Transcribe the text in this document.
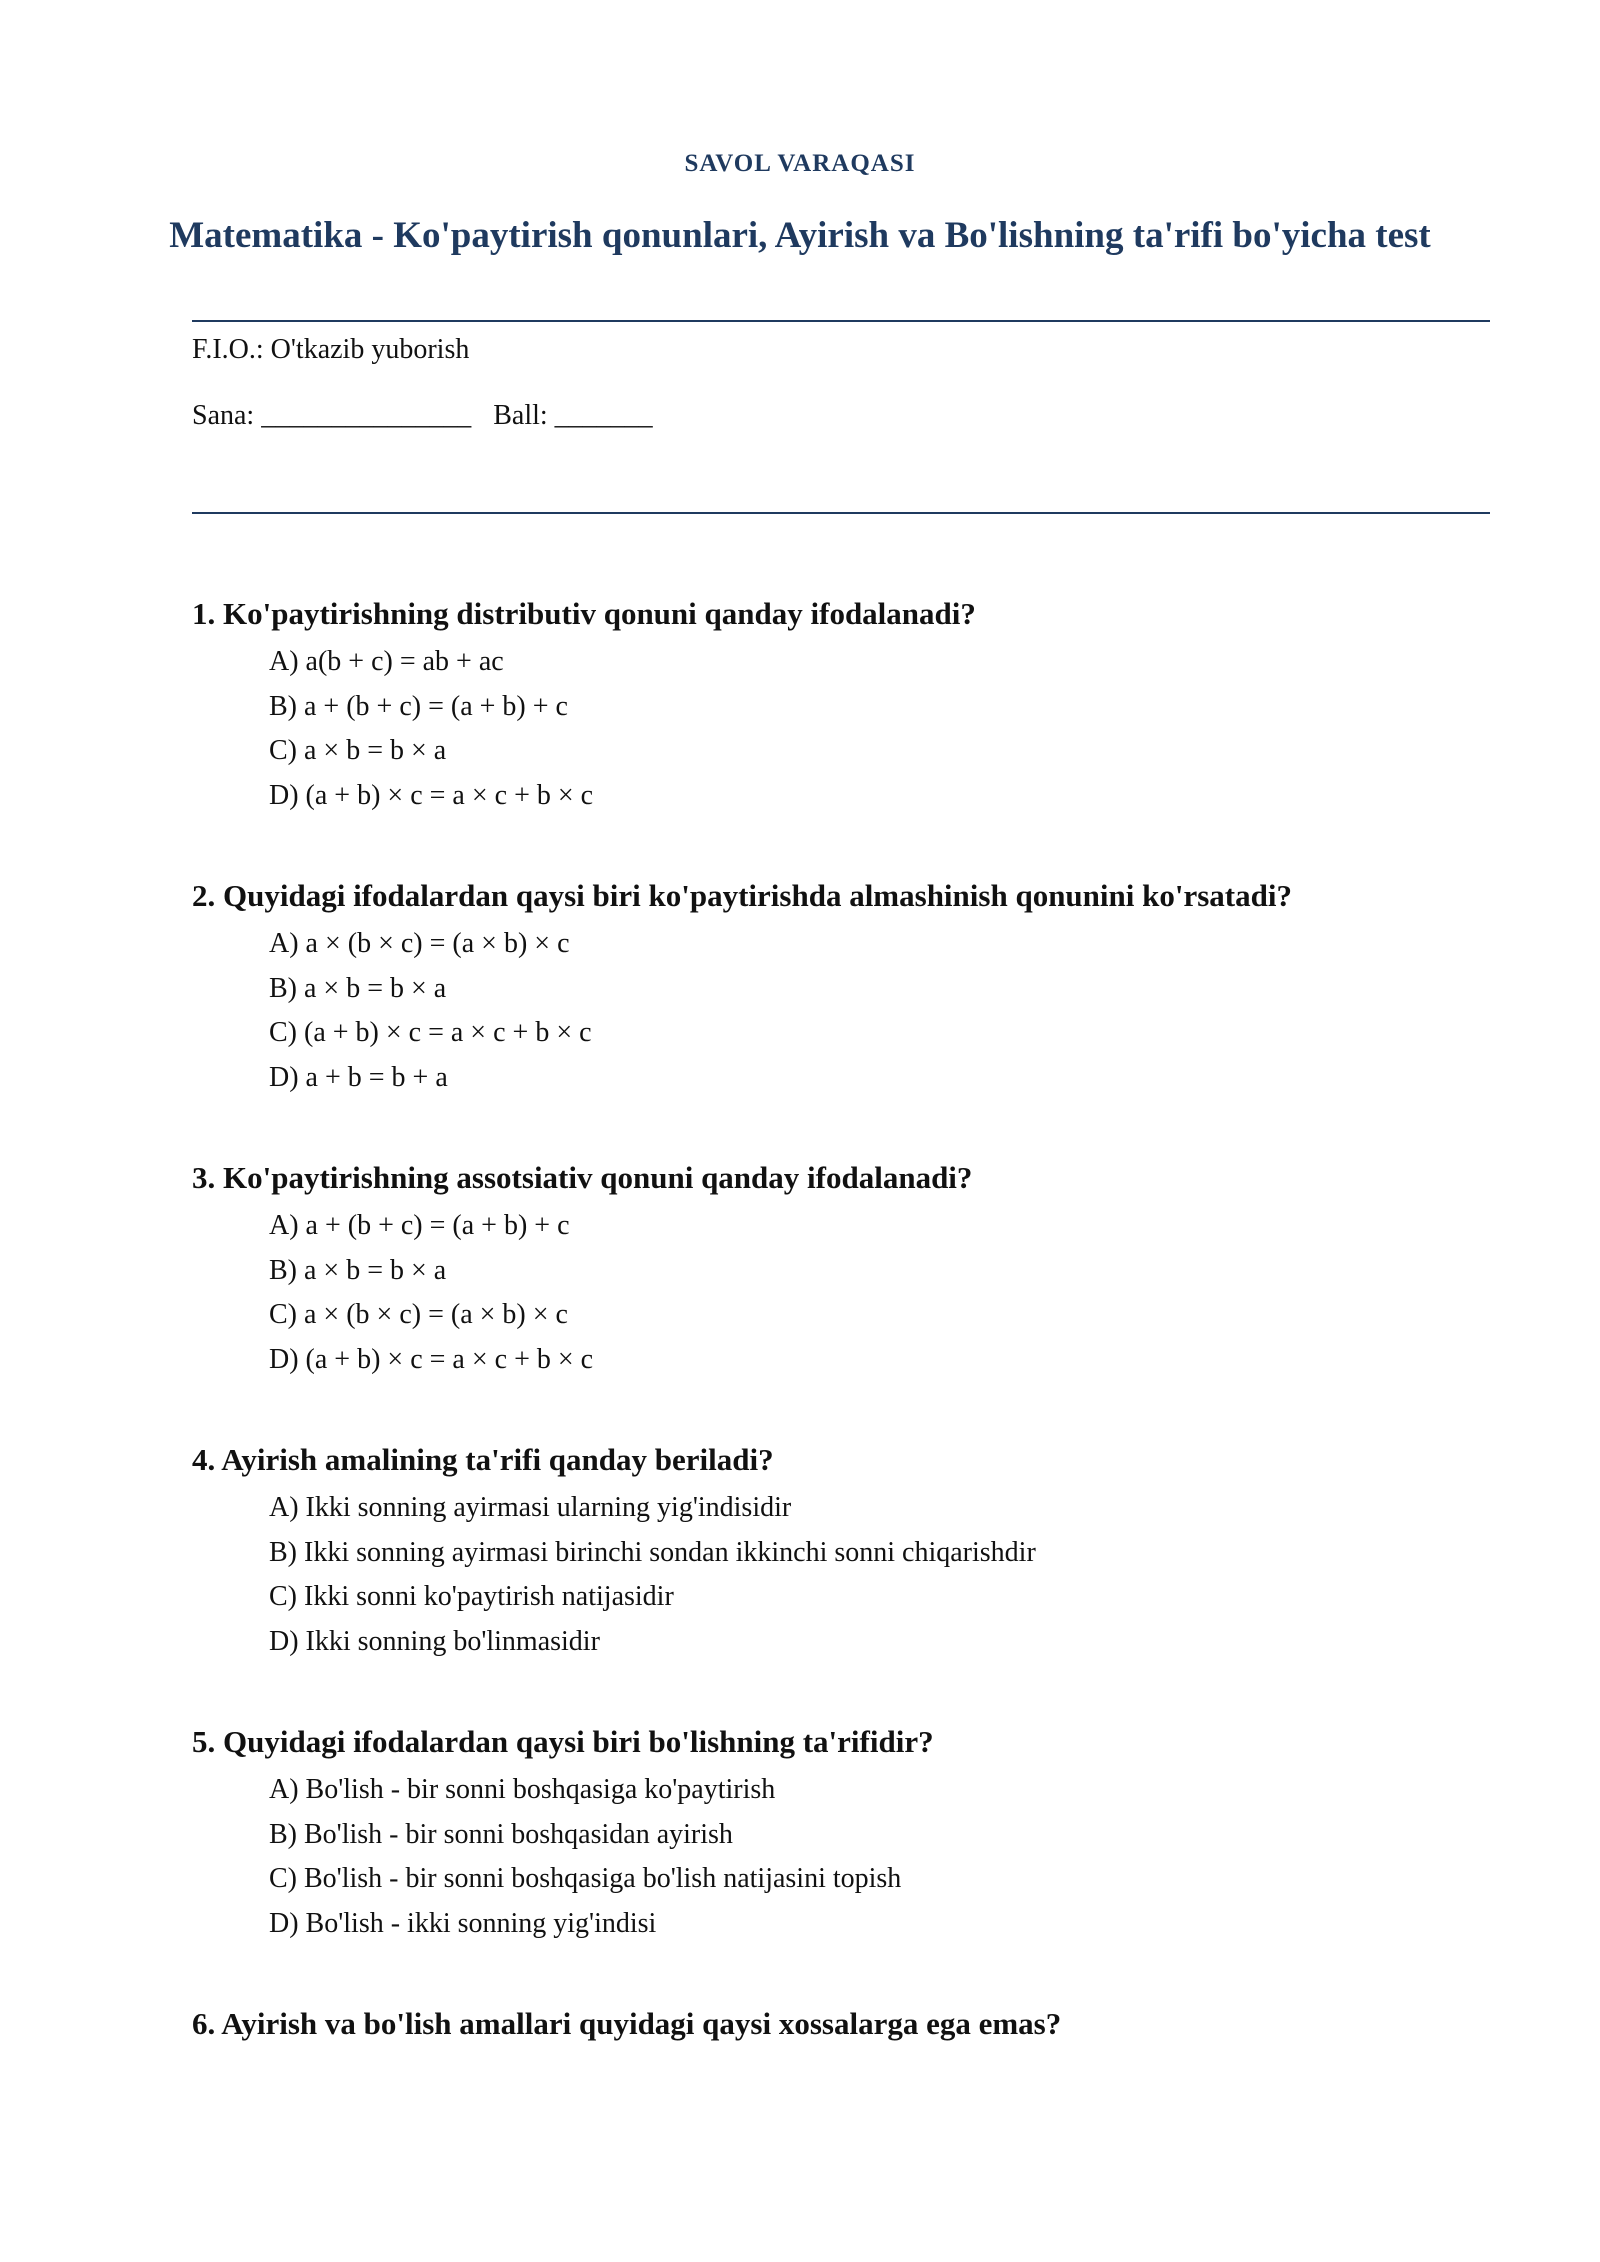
SAVOL VARAQASI
Matematika - Ko'paytirish qonunlari, Ayirish va Bo'lishning ta'rifi bo'yicha test
F.I.O.: O'tkazib yuborish
Sana: _______________ Ball: _______
1. Ko'paytirishning distributiv qonuni qanday ifodalanadi?
A) a(b + c) = ab + ac
B) a + (b + c) = (a + b) + c
C) a × b = b × a
D) (a + b) × c = a × c + b × c
2. Quyidagi ifodalardan qaysi biri ko'paytirishda almashinish qonunini ko'rsatadi?
A) a × (b × c) = (a × b) × c
B) a × b = b × a
C) (a + b) × c = a × c + b × c
D) a + b = b + a
3. Ko'paytirishning assotsiativ qonuni qanday ifodalanadi?
A) a + (b + c) = (a + b) + c
B) a × b = b × a
C) a × (b × c) = (a × b) × c
D) (a + b) × c = a × c + b × c
4. Ayirish amalining ta'rifi qanday beriladi?
A) Ikki sonning ayirmasi ularning yig'indisidir
B) Ikki sonning ayirmasi birinchi sondan ikkinchi sonni chiqarishdir
C) Ikki sonni ko'paytirish natijasidir
D) Ikki sonning bo'linmasidir
5. Quyidagi ifodalardan qaysi biri bo'lishning ta'rifidir?
A) Bo'lish - bir sonni boshqasiga ko'paytirish
B) Bo'lish - bir sonni boshqasidan ayirish
C) Bo'lish - bir sonni boshqasiga bo'lish natijasini topish
D) Bo'lish - ikki sonning yig'indisi
6. Ayirish va bo'lish amallari quyidagi qaysi xossalarga ega emas?
